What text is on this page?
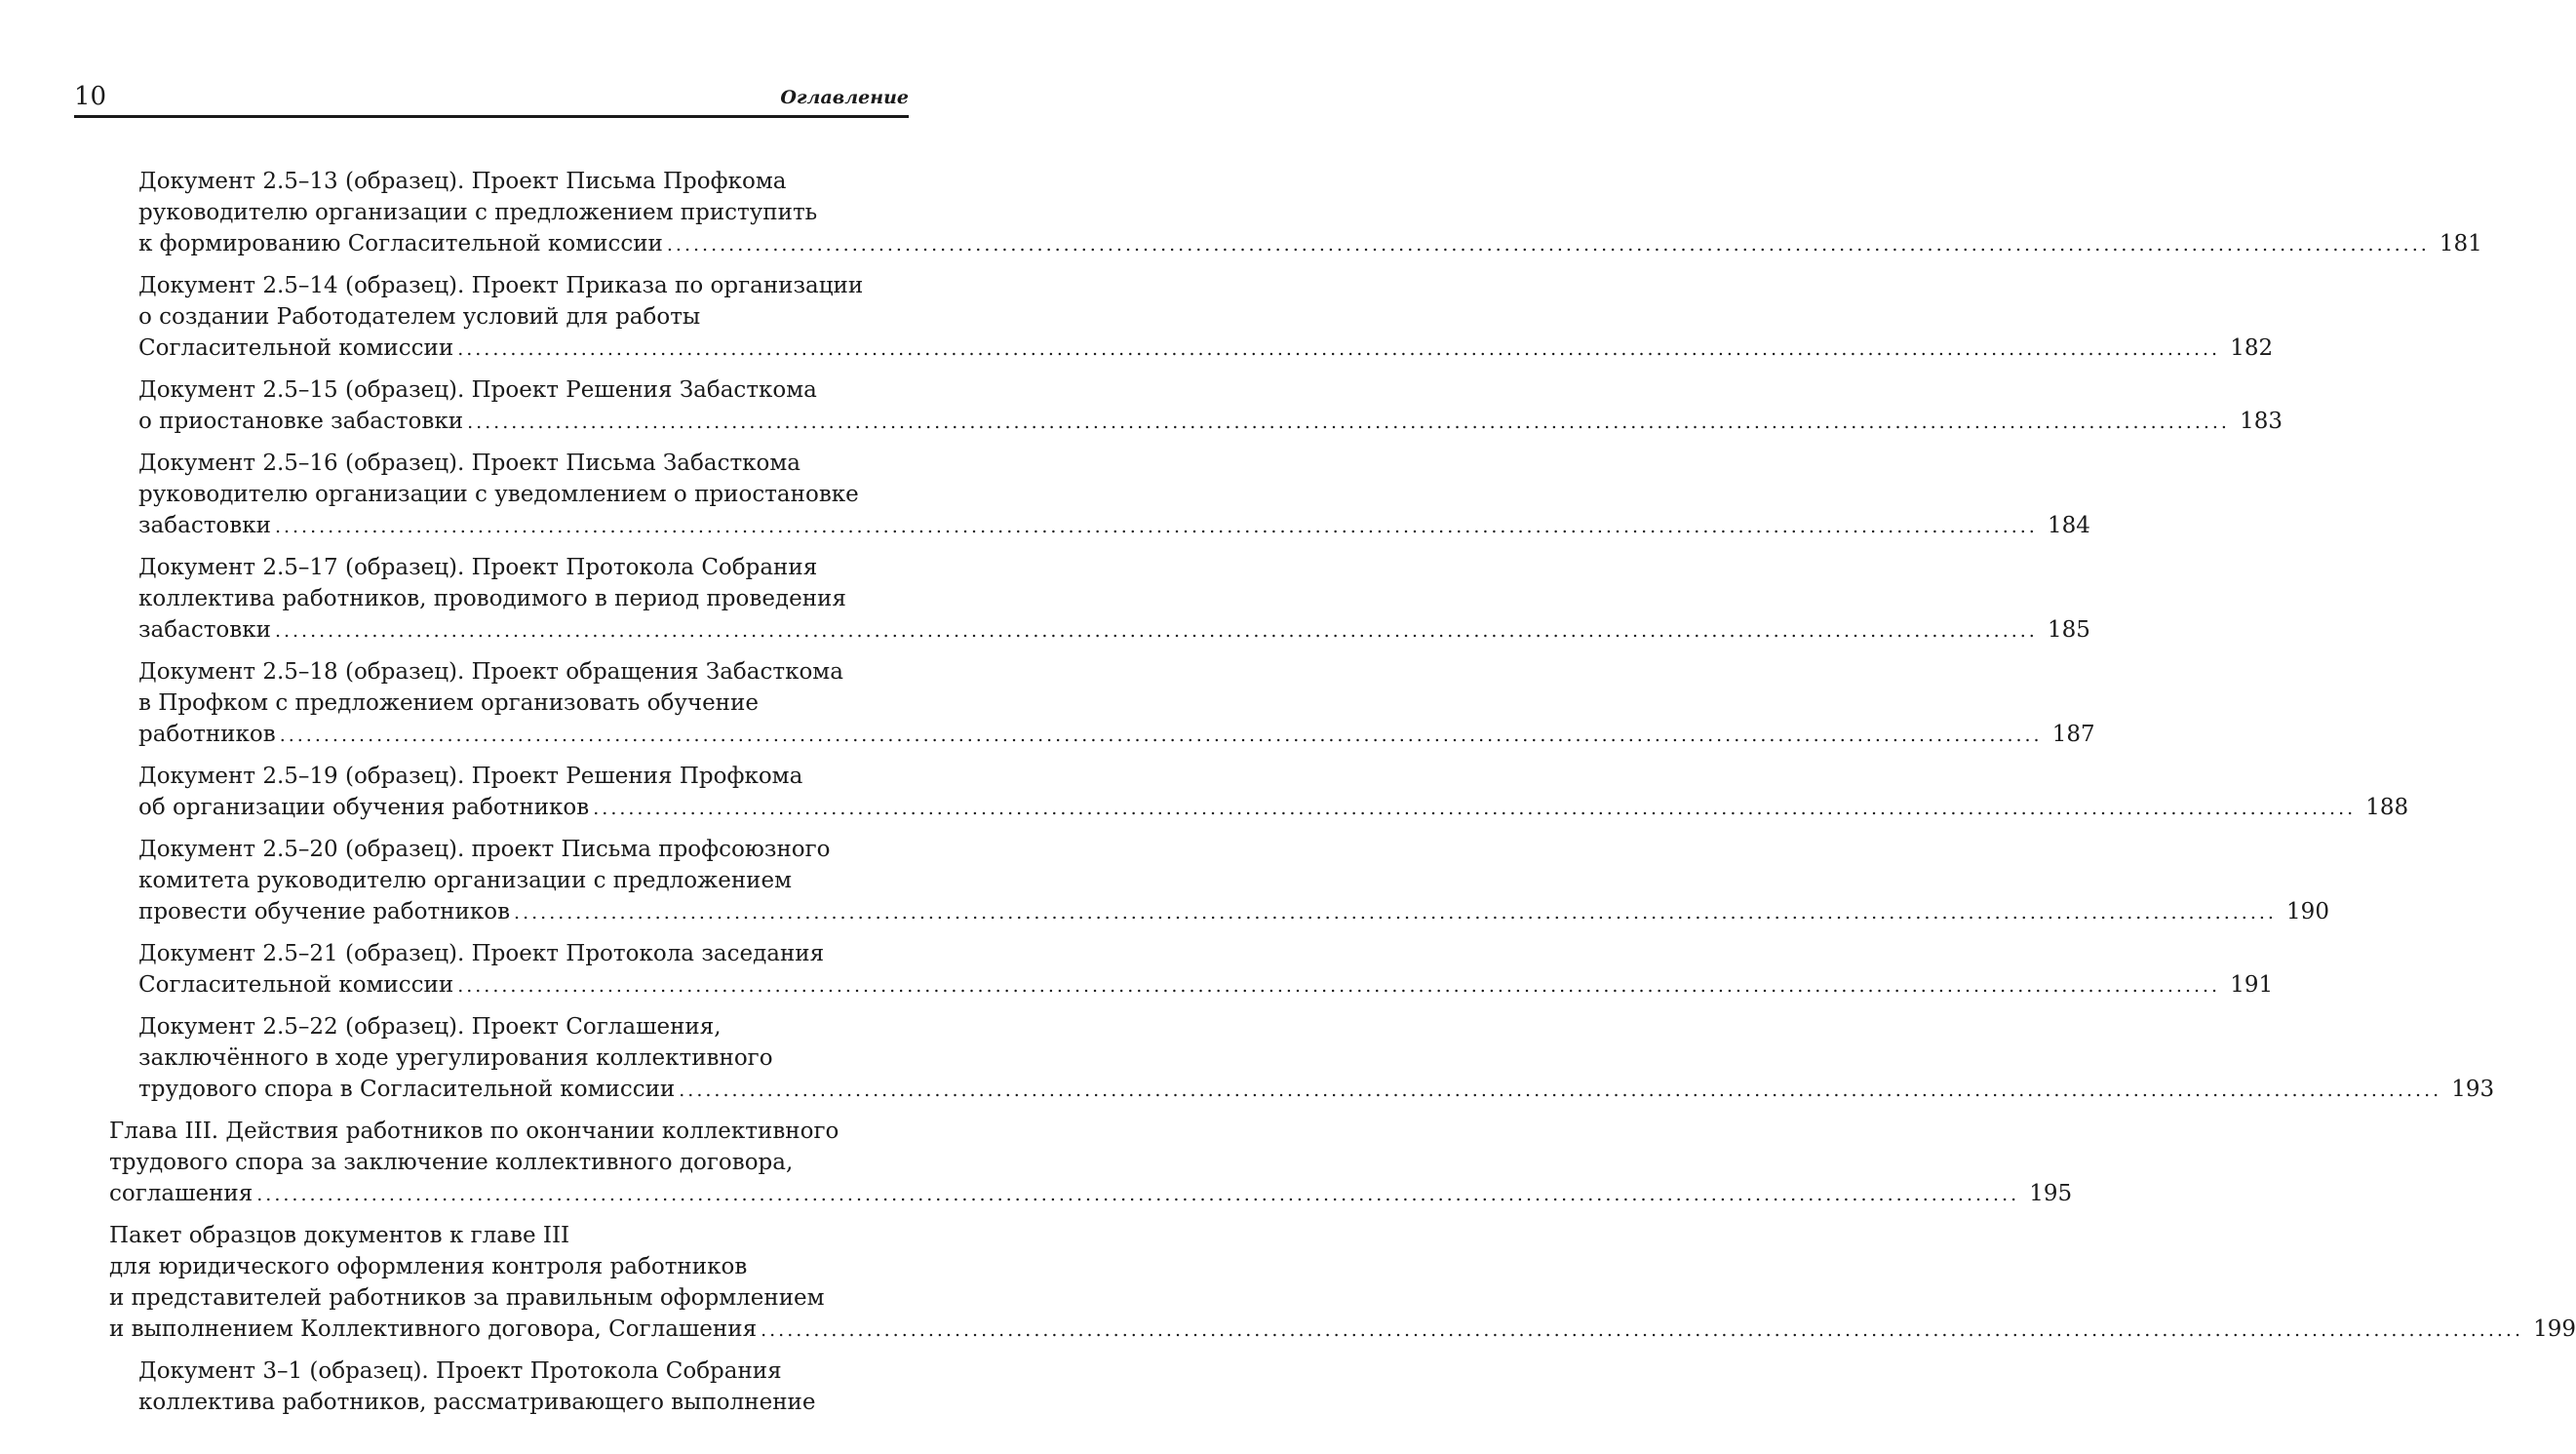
10	Оглавление
Документ 2.5–13 (образец). Проект Письма Профкома
руководителю организации с предложением приступить
к формированию Согласительной комиссии ........................................................................................................................................................................................................ 181
Документ 2.5–14 (образец). Проект Приказа по организации
о создании Работодателем условий для работы
Согласительной комиссии ........................................................................................................................................................................................................ 182
Документ 2.5–15 (образец). Проект Решения Забасткома
о приостановке забастовки ........................................................................................................................................................................................................ 183
Документ 2.5–16 (образец). Проект Письма Забасткома
руководителю организации с уведомлением о приостановке
забастовки ........................................................................................................................................................................................................ 184
Документ 2.5–17 (образец). Проект Протокола Собрания
коллектива работников, проводимого в период проведения
забастовки ........................................................................................................................................................................................................ 185
Документ 2.5–18 (образец). Проект обращения Забасткома
в Профком с предложением организовать обучение
работников ........................................................................................................................................................................................................ 187
Документ 2.5–19 (образец). Проект Решения Профкома
об организации обучения работников ........................................................................................................................................................................................................ 188
Документ 2.5–20 (образец). проект Письма профсоюзного
комитета руководителю организации с предложением
провести обучение работников ........................................................................................................................................................................................................ 190
Документ 2.5–21 (образец). Проект Протокола заседания
Согласительной комиссии ........................................................................................................................................................................................................ 191
Документ 2.5–22 (образец). Проект Соглашения,
заключённого в ходе урегулирования коллективного
трудового спора в Согласительной комиссии ........................................................................................................................................................................................................ 193
Глава III. Действия работников по окончании коллективного
трудового спора за заключение коллективного договора,
соглашения ........................................................................................................................................................................................................ 195
Пакет образцов документов к главе III
для юридического оформления контроля работников
и представителей работников за правильным оформлением
и выполнением Коллективного договора, Соглашения ........................................................................................................................................................................................................ 199
Документ 3–1 (образец). Проект Протокола Собрания
коллектива работников, рассматривающего выполнение
